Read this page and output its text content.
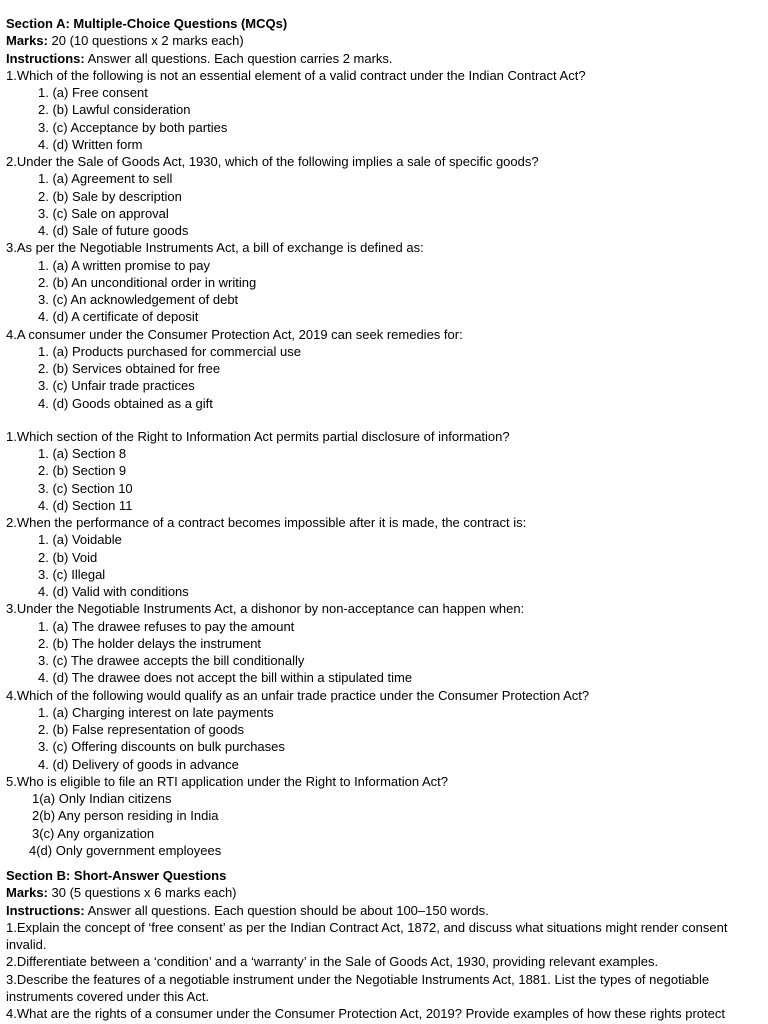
Section A: Multiple-Choice Questions (MCQs)
Marks: 20 (10 questions x 2 marks each)
Instructions: Answer all questions. Each question carries 2 marks.
1.Which of the following is not an essential element of a valid contract under the Indian Contract Act?
1. (a) Free consent
2. (b) Lawful consideration
3. (c) Acceptance by both parties
4. (d) Written form
2.Under the Sale of Goods Act, 1930, which of the following implies a sale of specific goods?
1. (a) Agreement to sell
2. (b) Sale by description
3. (c) Sale on approval
4. (d) Sale of future goods
3.As per the Negotiable Instruments Act, a bill of exchange is defined as:
1. (a) A written promise to pay
2. (b) An unconditional order in writing
3. (c) An acknowledgement of debt
4. (d) A certificate of deposit
4.A consumer under the Consumer Protection Act, 2019 can seek remedies for:
1. (a) Products purchased for commercial use
2. (b) Services obtained for free
3. (c) Unfair trade practices
4. (d) Goods obtained as a gift
1.Which section of the Right to Information Act permits partial disclosure of information?
1. (a) Section 8
2. (b) Section 9
3. (c) Section 10
4. (d) Section 11
2.When the performance of a contract becomes impossible after it is made, the contract is:
1. (a) Voidable
2. (b) Void
3. (c) Illegal
4. (d) Valid with conditions
3.Under the Negotiable Instruments Act, a dishonor by non-acceptance can happen when:
1. (a) The drawee refuses to pay the amount
2. (b) The holder delays the instrument
3. (c) The drawee accepts the bill conditionally
4. (d) The drawee does not accept the bill within a stipulated time
4.Which of the following would qualify as an unfair trade practice under the Consumer Protection Act?
1. (a) Charging interest on late payments
2. (b) False representation of goods
3. (c) Offering discounts on bulk purchases
4. (d) Delivery of goods in advance
5.Who is eligible to file an RTI application under the Right to Information Act?
1(a) Only Indian citizens
2(b) Any person residing in India
3(c) Any organization
4(d) Only government employees
Section B: Short-Answer Questions
Marks: 30 (5 questions x 6 marks each)
Instructions: Answer all questions. Each question should be about 100–150 words.
1.Explain the concept of ‘free consent’ as per the Indian Contract Act, 1872, and discuss what situations might render consent invalid.
2.Differentiate between a ‘condition’ and a ‘warranty’ in the Sale of Goods Act, 1930, providing relevant examples.
3.Describe the features of a negotiable instrument under the Negotiable Instruments Act, 1881. List the types of negotiable instruments covered under this Act.
4.What are the rights of a consumer under the Consumer Protection Act, 2019? Provide examples of how these rights protect
